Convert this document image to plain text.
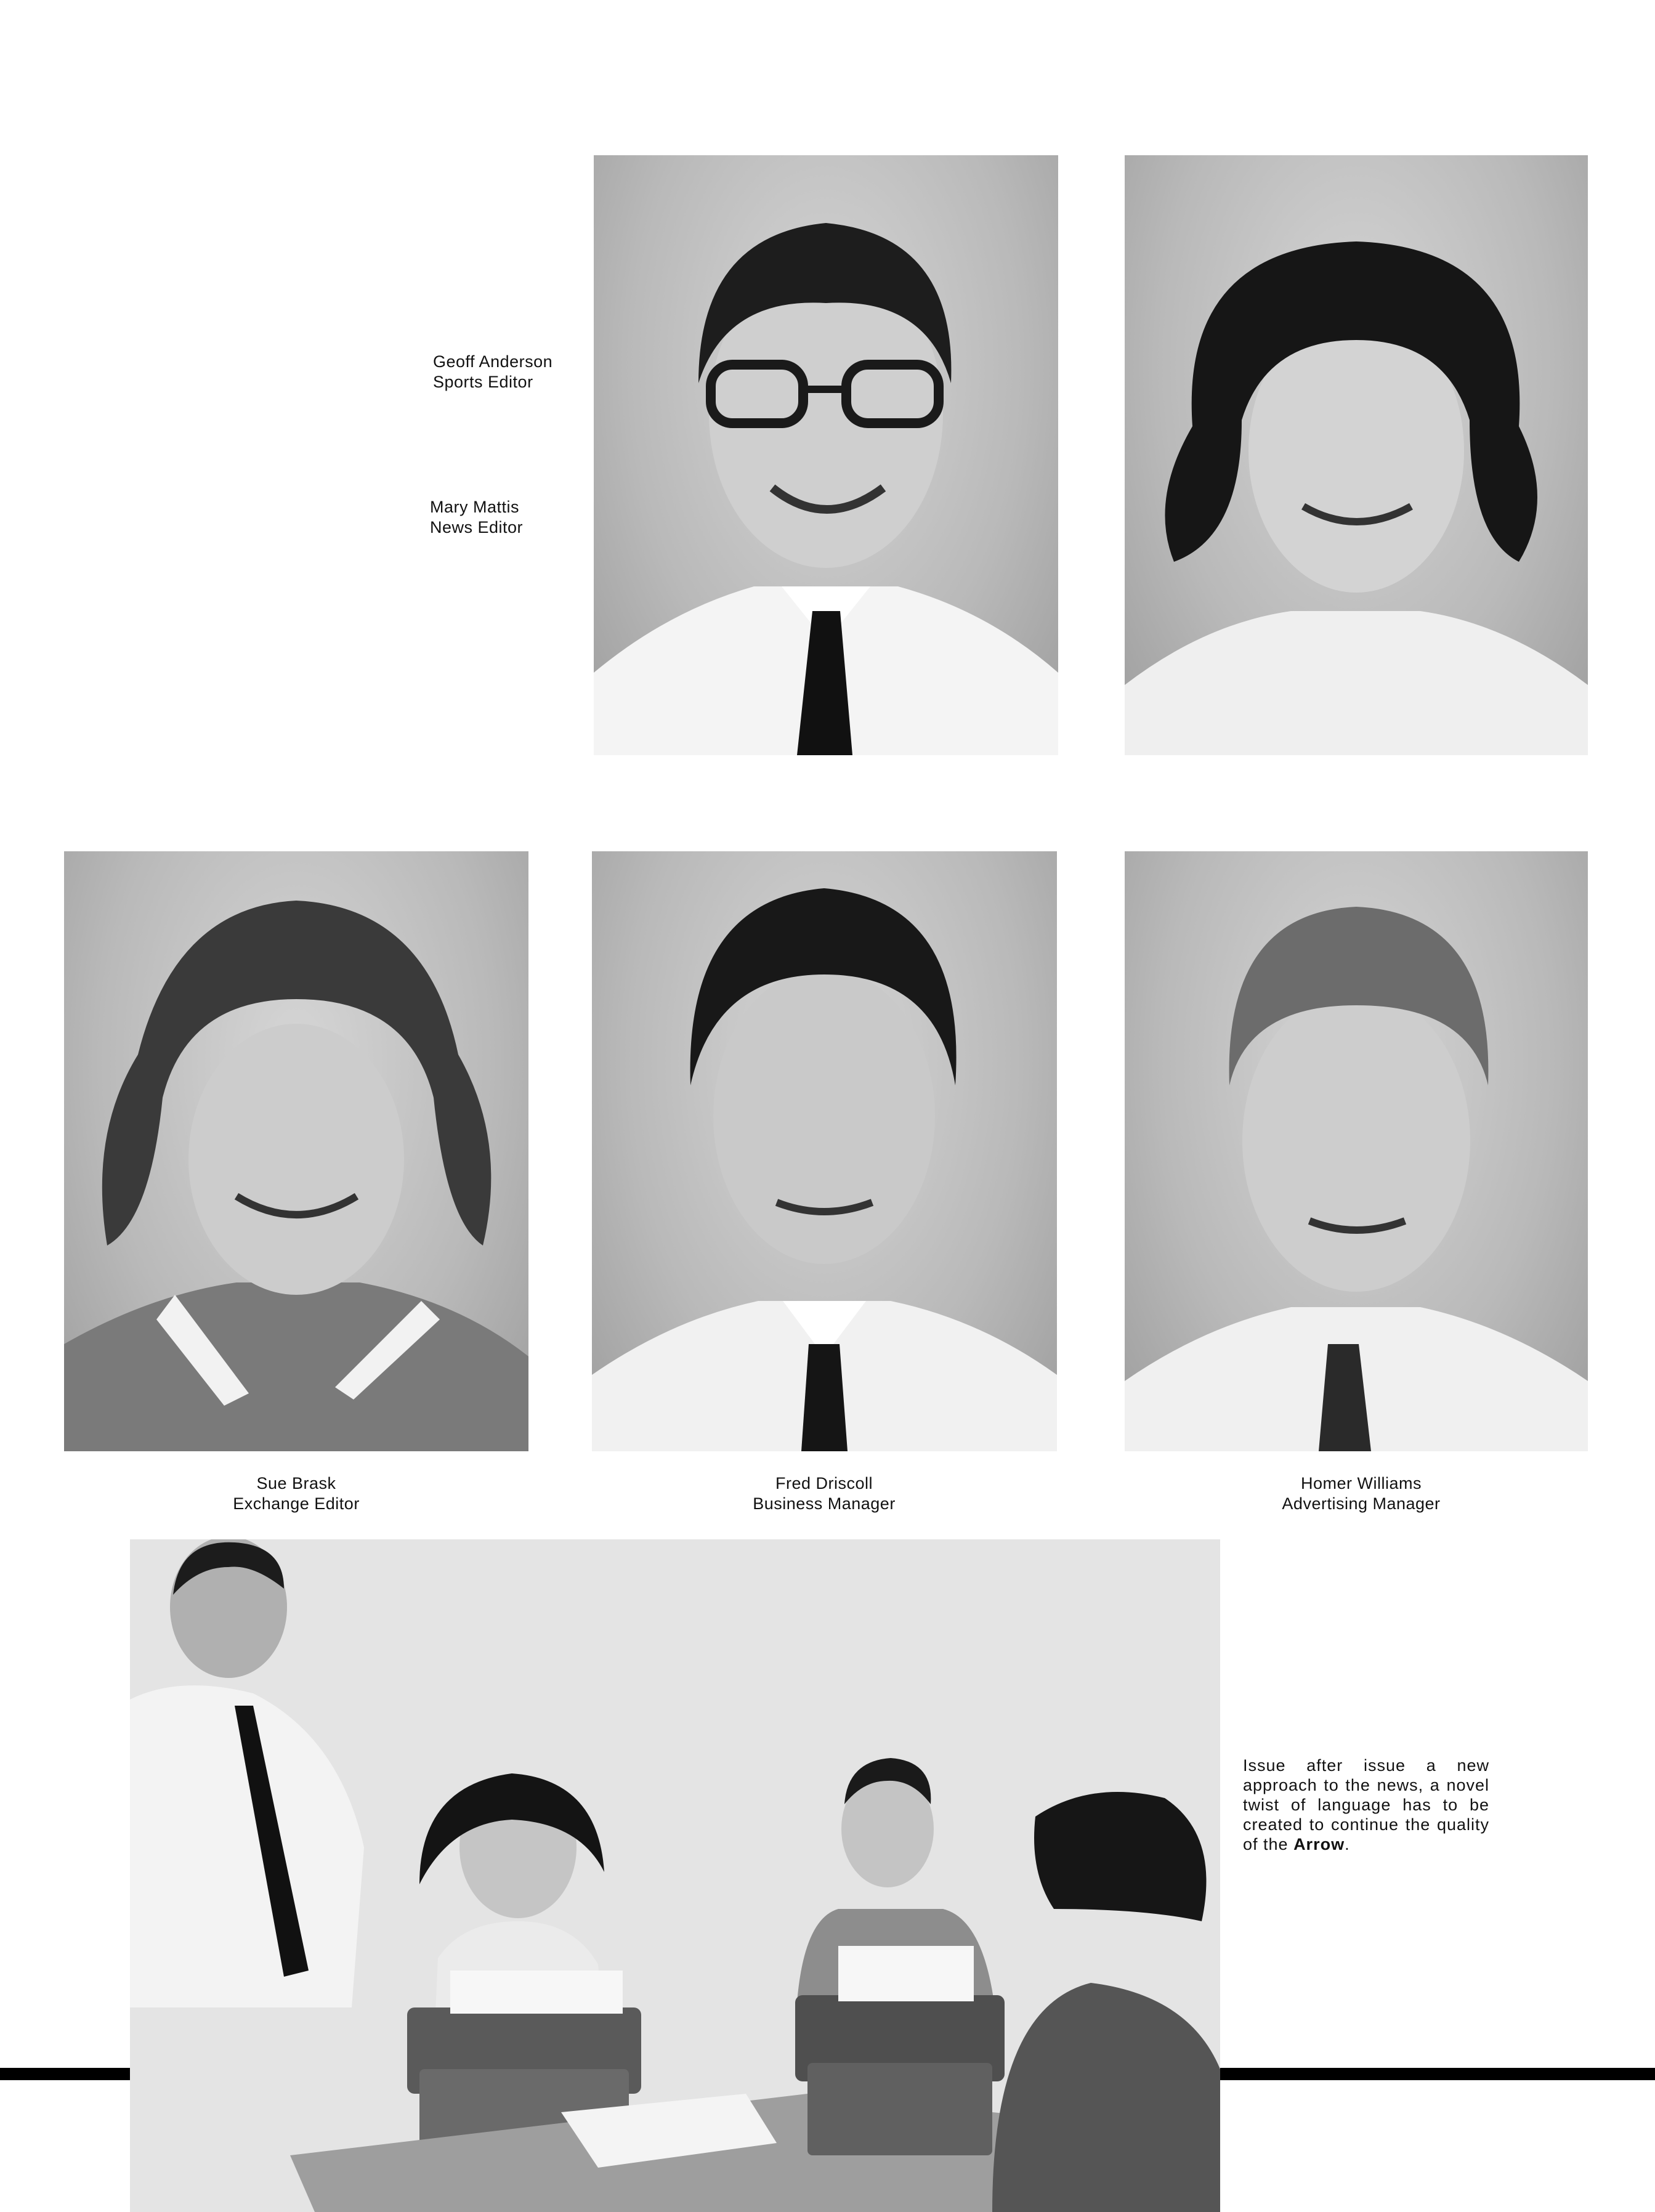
Geoff Anderson
Sports Editor
Mary Mattis
News Editor
Sue Brask
Exchange Editor
Fred Driscoll
Business Manager
Homer Williams
Advertising Manager
Issue after issue a new approach to the news, a novel twist of language has to be created to continue the quality of the Arrow.
